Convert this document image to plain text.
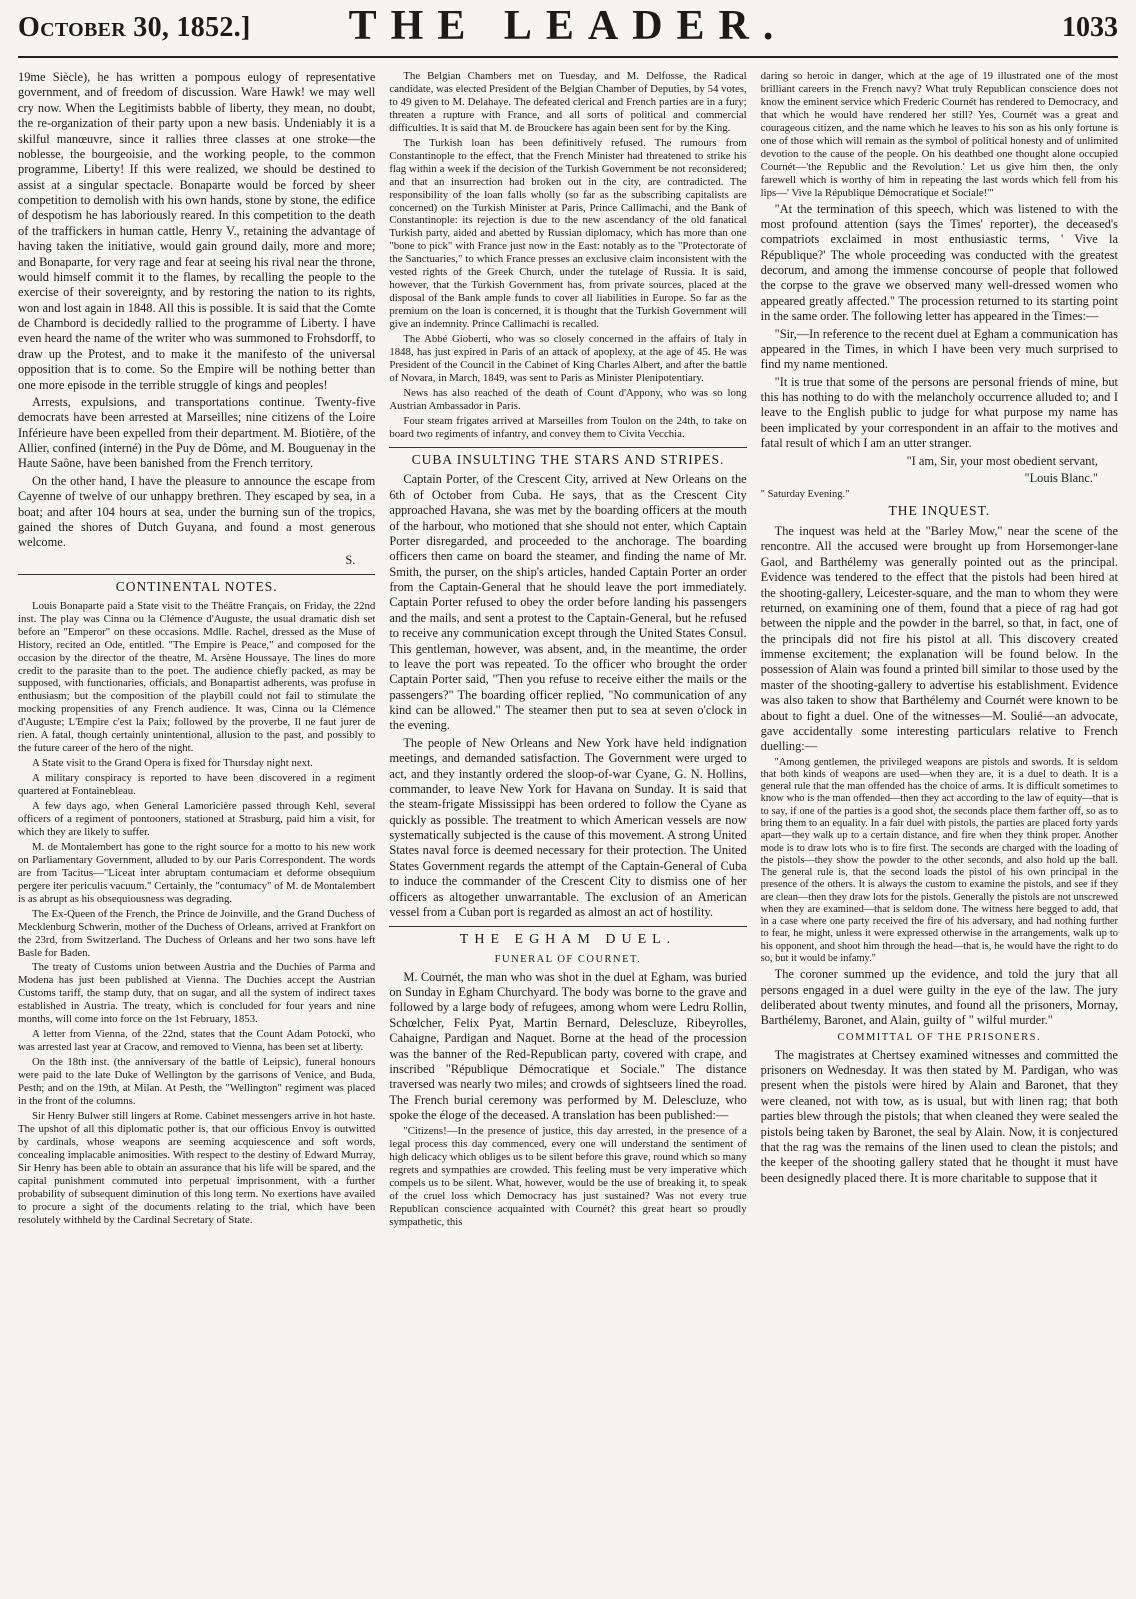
October 30, 1852.] THE LEADER.	1033

19me Siècle), he has written a pompous eulogy of representative government, and of freedom of discussion. Ware Hawk! we may well cry now. When the Legitimists babble of liberty, they mean, no doubt, the re-organization of their party upon a new basis. Undeniably it is a skilful manœuvre, since it rallies three classes at one stroke—the noblesse, the bourgeoisie, and the working people, to the common programme, Liberty! If this were realized, we should be destined to assist at a singular spectacle. Bonaparte would be forced by sheer competition to demolish with his own hands, stone by stone, the edifice of despotism he has laboriously reared. In this competition to the death of the traffickers in human cattle, Henry V., retaining the advantage of having taken the initiative, would gain ground daily, more and more; and Bonaparte, for very rage and fear at seeing his rival near the throne, would himself commit it to the flames, by recalling the people to the exercise of their sovereignty, and by restoring the nation to its rights, won and lost again in 1848. All this is possible. It is said that the Comte de Chambord is decidedly rallied to the programme of Liberty. I have even heard the name of the writer who was summoned to Frohsdorff, to draw up the Protest, and to make it the manifesto of the universal opposition that is to come. So the Empire will be nothing better than one more episode in the terrible struggle of kings and peoples!

Arrests, expulsions, and transportations continue. Twenty-five democrats have been arrested at Marseilles; nine citizens of the Loire Inférieure have been expelled from their department. M. Biotière, of the Allier, confined (interné) in the Puy de Dôme, and M. Bouguenay in the Haute Saône, have been banished from the French territory.

On the other hand, I have the pleasure to announce the escape from Cayenne of twelve of our unhappy brethren. They escaped by sea, in a boat; and after 104 hours at sea, under the burning sun of the tropics, gained the shores of Dutch Guyana, and found a most generous welcome.

S.

CONTINENTAL NOTES.

Louis Bonaparte paid a State visit to the Théâtre Français, on Friday, the 22nd inst. The play was Cinna ou la Clémence d'Auguste, the usual dramatic dish set before an "Emperor" on these occasions. Mdlle. Rachel, dressed as the Muse of History, recited an Ode, entitled. "The Empire is Peace," and composed for the occasion by the director of the theatre, M. Arsène Houssaye. The lines do more credit to the parasite than to the poet. The audience chiefly packed, as may be supposed, with functionaries, officials, and Bonapartist adherents, was profuse in enthusiasm; but the composition of the playbill could not fail to stimulate the mocking propensities of any French audience. It was, Cinna ou la Clémence d'Auguste; L'Empire c'est la Paix; followed by the proverbe, Il ne faut jurer de rien. A fatal, though certainly unintentional, allusion to the past, and possibly to the future career of the hero of the night.

A State visit to the Grand Opera is fixed for Thursday night next.

A military conspiracy is reported to have been discovered in a regiment quartered at Fontainebleau.

A few days ago, when General Lamoricière passed through Kehl, several officers of a regiment of pontooners, stationed at Strasburg, paid him a visit, for which they are likely to suffer.

M. de Montalembert has gone to the right source for a motto to his new work on Parliamentary Government, alluded to by our Paris Correspondent. The words are from Tacitus—"Liceat inter abruptam contumaciam et deforme obsequium pergere iter periculis vacuum." Certainly, the "contumacy" of M. de Montalembert is as abrupt as his obsequiousness was degrading.

The Ex-Queen of the French, the Prince de Joinville, and the Grand Duchess of Mecklenburg Schwerin, mother of the Duchess of Orleans, arrived at Frankfort on the 23rd, from Switzerland. The Duchess of Orleans and her two sons have left Basle for Baden.

The treaty of Customs union between Austria and the Duchies of Parma and Modena has just been published at Vienna. The Duchies accept the Austrian Customs tariff, the stamp duty, that on sugar, and all the system of indirect taxes established in Austria. The treaty, which is concluded for four years and nine months, will come into force on the 1st February, 1853.

A letter from Vienna, of the 22nd, states that the Count Adam Potocki, who was arrested last year at Cracow, and removed to Vienna, has been set at liberty.

On the 18th inst. (the anniversary of the battle of Leipsic), funeral honours were paid to the late Duke of Wellington by the garrisons of Venice, and Buda, Pesth; and on the 19th, at Milan. At Pesth, the "Wellington" regiment was placed in the front of the columns.

Sir Henry Bulwer still lingers at Rome. Cabinet messengers arrive in hot haste. The upshot of all this diplomatic pother is, that our officious Envoy is outwitted by cardinals, whose weapons are seeming acquiescence and soft words, concealing implacable animosities. With respect to the destiny of Edward Murray, Sir Henry has been able to obtain an assurance that his life will be spared, and the capital punishment commuted into perpetual imprisonment, with a further probability of subsequent diminution of this long term. No exertions have availed to procure a sight of the documents relating to the trial, which have been resolutely withheld by the Cardinal Secretary of State.

The Belgian Chambers met on Tuesday, and M. Delfosse, the Radical candidate, was elected President of the Belgian Chamber of Deputies, by 54 votes, to 49 given to M. Delahaye. The defeated clerical and French parties are in a fury; threaten a rupture with France, and all sorts of political and commercial difficulties. It is said that M. de Brouckere has again been sent for by the King.

The Turkish loan has been definitively refused. The rumours from Constantinople to the effect, that the French Minister had threatened to strike his flag within a week if the decision of the Turkish Government be not reconsidered; and that an insurrection had broken out in the city, are contradicted. The responsibility of the loan falls wholly (so far as the subscribing capitalists are concerned) on the Turkish Minister at Paris, Prince Callimachi, and the Bank of Constantinople: its rejection is due to the new ascendancy of the old fanatical Turkish party, aided and abetted by Russian diplomacy, which has more than one "bone to pick" with France just now in the East: notably as to the "Protectorate of the Sanctuaries," to which France presses an exclusive claim inconsistent with the vested rights of the Greek Church, under the tutelage of Russia. It is said, however, that the Turkish Government has, from private sources, placed at the disposal of the Bank ample funds to cover all liabilities in Europe. So far as the premium on the loan is concerned, it is thought that the Turkish Government will give an indemnity. Prince Callimachi is recalled.

The Abbé Gioberti, who was so closely concerned in the affairs of Italy in 1848, has just expired in Paris of an attack of apoplexy, at the age of 45. He was President of the Council in the Cabinet of King Charles Albert, and after the battle of Novara, in March, 1849, was sent to Paris as Minister Plenipotentiary.

News has also reached of the death of Count d'Appony, who was so long Austrian Ambassador in Paris.

Four steam frigates arrived at Marseilles from Toulon on the 24th, to take on board two regiments of infantry, and convey them to Civita Vecchia.

CUBA INSULTING THE STARS AND STRIPES.

Captain Porter, of the Crescent City, arrived at New Orleans on the 6th of October from Cuba. He says, that as the Crescent City approached Havana, she was met by the boarding officers at the mouth of the harbour, who motioned that she should not enter, which Captain Porter disregarded, and proceeded to the anchorage. The boarding officers then came on board the steamer, and finding the name of Mr. Smith, the purser, on the ship's articles, handed Captain Porter an order from the Captain-General that he should leave the port immediately. Captain Porter refused to obey the order before landing his passengers and the mails, and sent a protest to the Captain-General, but he refused to receive any communication except through the United States Consul. This gentleman, however, was absent, and, in the meantime, the order to leave the port was repeated. To the officer who brought the order Captain Porter said, "Then you refuse to receive either the mails or the passengers?" The boarding officer replied, "No communication of any kind can be allowed." The steamer then put to sea at seven o'clock in the evening.

The people of New Orleans and New York have held indignation meetings, and demanded satisfaction. The Government were urged to act, and they instantly ordered the sloop-of-war Cyane, G. N. Hollins, commander, to leave New York for Havana on Sunday. It is said that the steam-frigate Mississippi has been ordered to follow the Cyane as quickly as possible. The treatment to which American vessels are now systematically subjected is the cause of this movement. A strong United States naval force is deemed necessary for their protection. The United States Government regards the attempt of the Captain-General of Cuba to induce the commander of the Crescent City to dismiss one of her officers as altogether unwarrantable. The exclusion of an American vessel from a Cuban port is regarded as almost an act of hostility.

THE EGHAM DUEL.
FUNERAL OF COURNET.

M. Cournét, the man who was shot in the duel at Egham, was buried on Sunday in Egham Churchyard. The body was borne to the grave and followed by a large body of refugees, among whom were Ledru Rollin, Schœlcher, Felix Pyat, Martin Bernard, Delescluze, Ribeyrolles, Cahaigne, Pardigan and Naquet. Borne at the head of the procession was the banner of the Red-Republican party, covered with crape, and inscribed "République Démocratique et Sociale." The distance traversed was nearly two miles; and crowds of sightseers lined the road. The French burial ceremony was performed by M. Delescluze, who spoke the éloge of the deceased. A translation has been published:—

"Citizens!—In the presence of justice, this day arrested, in the presence of a legal process this day commenced, every one will understand the sentiment of high delicacy which obliges us to be silent before this grave, round which so many regrets and sympathies are crowded. This feeling must be very imperative which compels us to be silent. What, however, would be the use of breaking it, to speak of the cruel loss which Democracy has just sustained? Was not every true Republican conscience acquainted with Cournét? this great heart so proudly sympathetic, this

daring so heroic in danger, which at the age of 19 illustrated one of the most brilliant careers in the French navy? What truly Republican conscience does not know the eminent service which Frederic Cournét has rendered to Democracy, and that which he would have rendered her still? Yes, Cournét was a great and courageous citizen, and the name which he leaves to his son as his only fortune is one of those which will remain as the symbol of political honesty and of unlimited devotion to the cause of the people. On his deathbed one thought alone occupied Cournét—'the Republic and the Revolution.' Let us give him then, the only farewell which is worthy of him in repeating the last words which fell from his lips—' Vive la République Démocratique et Sociale!'"

"At the termination of this speech, which was listened to with the most profound attention (says the Times' reporter), the deceased's compatriots exclaimed in most enthusiastic terms, ' Vive la République?' The whole proceeding was conducted with the greatest decorum, and among the immense concourse of people that followed the corpse to the grave we observed many well-dressed women who appeared greatly affected." The procession returned to its starting point in the same order. The following letter has appeared in the Times:—

"Sir,—In reference to the recent duel at Egham a communication has appeared in the Times, in which I have been very much surprised to find my name mentioned.

"It is true that some of the persons are personal friends of mine, but this has nothing to do with the melancholy occurrence alluded to; and I leave to the English public to judge for what purpose my name has been implicated by your correspondent in an affair to the motives and fatal result of which I am an utter stranger.

"I am, Sir, your most obedient servant,

"Louis Blanc."

" Saturday Evening."

THE INQUEST.

The inquest was held at the "Barley Mow," near the scene of the rencontre. All the accused were brought up from Horsemonger-lane Gaol, and Barthélemy was generally pointed out as the principal. Evidence was tendered to the effect that the pistols had been hired at the shooting-gallery, Leicester-square, and the man to whom they were returned, on examining one of them, found that a piece of rag had got between the nipple and the powder in the barrel, so that, in fact, one of the principals did not fire his pistol at all. This discovery created immense excitement; the explanation will be found below. In the possession of Alain was found a printed bill similar to those used by the master of the shooting-gallery to advertise his establishment. Evidence was also taken to show that Barthélemy and Cournét were known to be about to fight a duel. One of the witnesses—M. Soulié—an advocate, gave accidentally some interesting particulars relative to French duelling:—

"Among gentlemen, the privileged weapons are pistols and swords. It is seldom that both kinds of weapons are used—when they are, it is a duel to death. It is a general rule that the man offended has the choice of arms. It is difficult sometimes to know who is the man offended—then they act according to the law of equity—that is to say, if one of the parties is a good shot, the seconds place them farther off, so as to bring them to an equality. In a fair duel with pistols, the parties are placed forty yards apart—they walk up to a certain distance, and fire when they think proper. Another mode is to draw lots who is to fire first. The seconds are charged with the loading of the pistols—they show the powder to the other seconds, and also hold up the ball. The general rule is, that the second loads the pistol of his own principal in the presence of the others. It is always the custom to examine the pistols, and see if they are clean—then they draw lots for the pistols. Generally the pistols are not unscrewed when they are examined—that is seldom done. The witness here begged to add, that in a case where one party received the fire of his adversary, and had nothing further to fear, he might, unless it were expressed otherwise in the arrangements, walk up to his opponent, and shoot him through the head—that is, he would have the right to do so, but it would be infamy."

The coroner summed up the evidence, and told the jury that all persons engaged in a duel were guilty in the eye of the law. The jury deliberated about twenty minutes, and found all the prisoners, Mornay, Barthélemy, Baronet, and Alain, guilty of " wilful murder."

COMMITTAL OF THE PRISONERS.

The magistrates at Chertsey examined witnesses and committed the prisoners on Wednesday. It was then stated by M. Pardigan, who was present when the pistols were hired by Alain and Baronet, that they were cleaned, not with tow, as is usual, but with linen rag; that both parties blew through the pistols; that when cleaned they were sealed the pistols being taken by Baronet, the seal by Alain. Now, it is conjectured that the rag was the remains of the linen used to clean the pistols; and the keeper of the shooting gallery stated that he thought it must have been designedly placed there. It is more charitable to suppose that it
